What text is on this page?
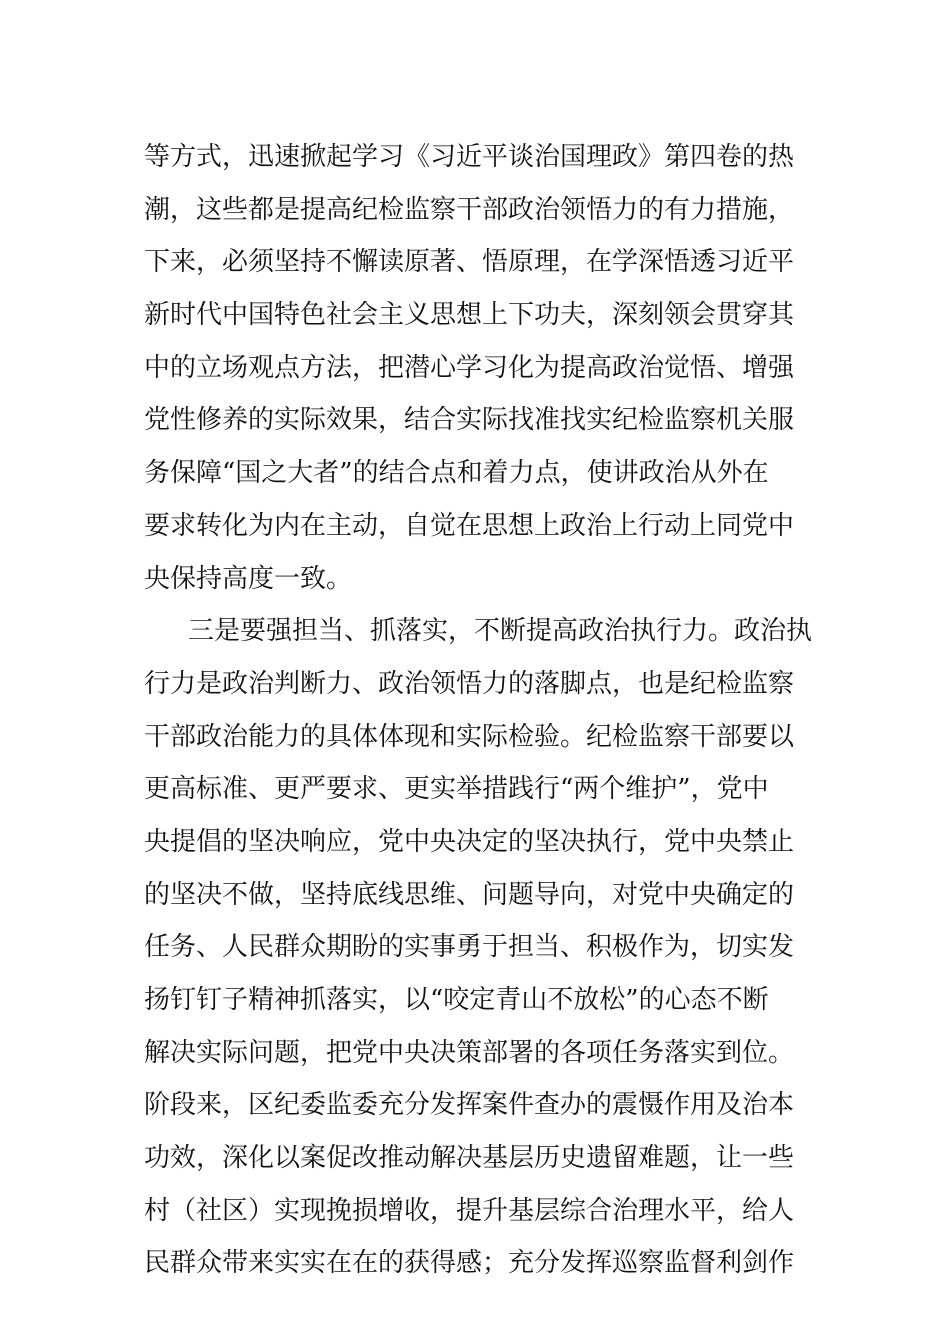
等方式，迅速掀起学习《习近平谈治国理政》第四卷的热
潮，这些都是提高纪检监察干部政治领悟力的有力措施，
下来，必须坚持不懈读原著、悟原理，在学深悟透习近平
新时代中国特色社会主义思想上下功夫，深刻领会贯穿其
中的立场观点方法，把潜心学习化为提高政治觉悟、增强
党性修养的实际效果，结合实际找准找实纪检监察机关服
务保障“国之大者”的结合点和着力点，使讲政治从外在
要求转化为内在主动，自觉在思想上政治上行动上同党中
央保持高度一致。
三是要强担当、抓落实，不断提高政治执行力。政治执
行力是政治判断力、政治领悟力的落脚点，也是纪检监察
干部政治能力的具体体现和实际检验。纪检监察干部要以
更高标准、更严要求、更实举措践行“两个维护”，党中
央提倡的坚决响应，党中央决定的坚决执行，党中央禁止
的坚决不做，坚持底线思维、问题导向，对党中央确定的
任务、人民群众期盼的实事勇于担当、积极作为，切实发
扬钉钉子精神抓落实，以“咬定青山不放松”的心态不断
解决实际问题，把党中央决策部署的各项任务落实到位。
阶段来，区纪委监委充分发挥案件查办的震慑作用及治本
功效，深化以案促改推动解决基层历史遗留难题，让一些
村（社区）实现挽损增收，提升基层综合治理水平，给人
民群众带来实实在在的获得感；充分发挥巡察监督利剑作
